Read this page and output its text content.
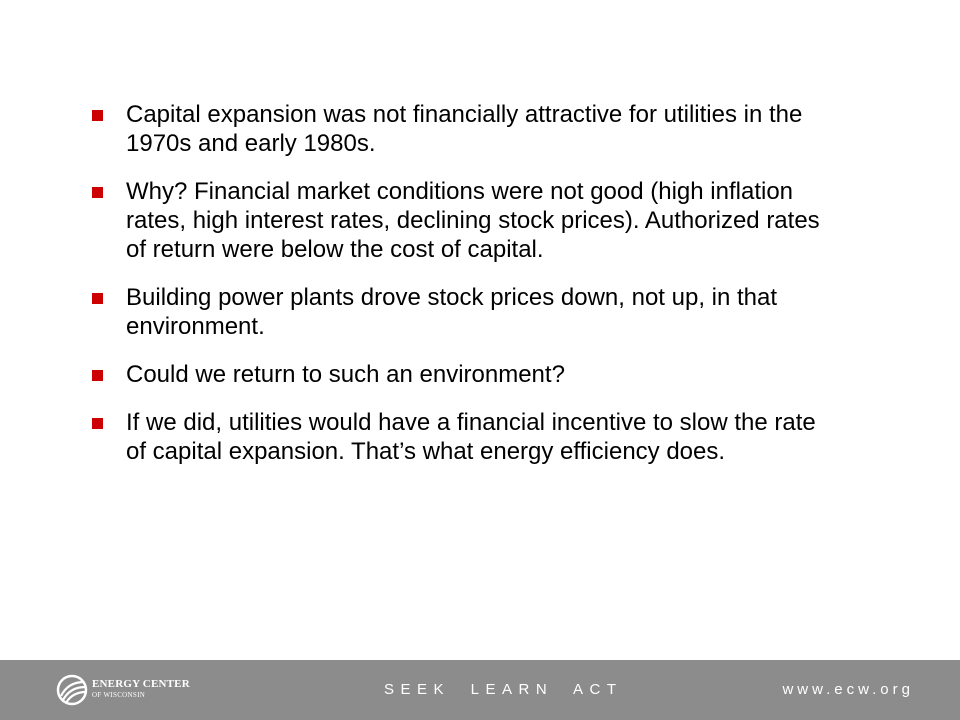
Capital expansion was not financially attractive for utilities in the 1970s and early 1980s.
Why? Financial market conditions were not good (high inflation rates, high interest rates, declining stock prices). Authorized rates of return were below the cost of capital.
Building power plants drove stock prices down, not up, in that environment.
Could we return to such an environment?
If we did, utilities would have a financial incentive to slow the rate of capital expansion. That’s what energy efficiency does.
ENERGY CENTER
OF WISCONSIN	SEEK LEARN ACT	www.ecw.org
